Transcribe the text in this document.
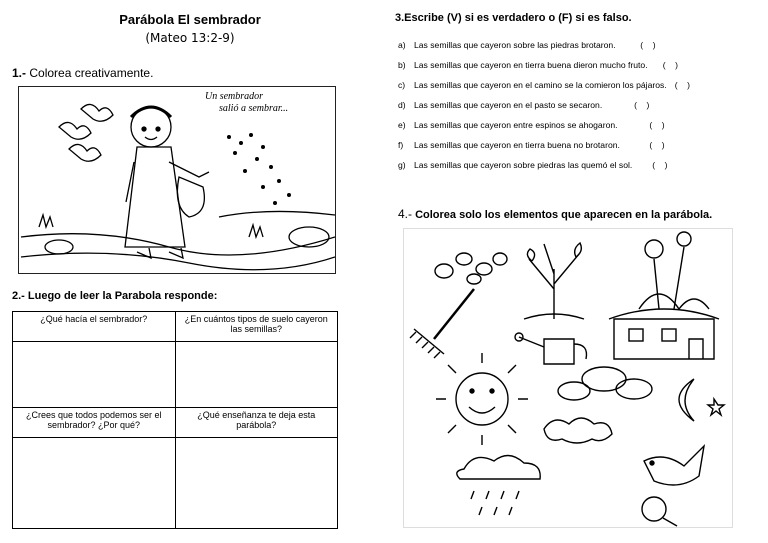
Parábola El sembrador
(Mateo 13:2-9)
1.- Colorea creativamente.
Un sembrador
salió a sembrar...
2.- Luego de leer la Parabola responde:
¿Qué hacía el sembrador?	¿En cuántos tipos de suelo cayeron las semillas?

¿Crees que todos podemos ser el sembrador? ¿Por qué?	¿Qué enseñanza te deja esta parábola?

3.Escribe (V) si es verdadero o (F) si es falso.
a) Las semillas que cayeron sobre las piedras brotaron. (    )
b) Las semillas que cayeron en tierra buena dieron mucho fruto. (    )
c)	Las semillas que cayeron en el camino se la comieron los pájaros. (    )
d) Las semillas que cayeron en el pasto se secaron. (    )
e) Las semillas que cayeron entre espinos se ahogaron. (    )
f)	Las semillas que cayeron en tierra buena no brotaron. (    )
g) Las semillas que cayeron sobre piedras las quemó el sol. (    )
4.- Colorea solo los elementos que aparecen en la parábola.
